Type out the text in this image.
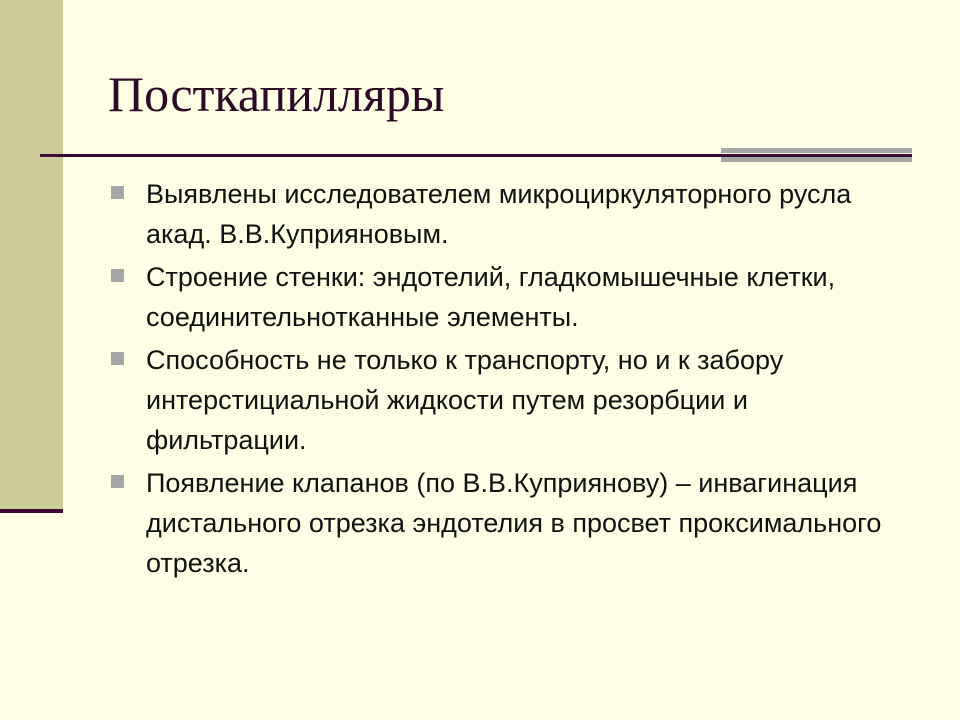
Посткапилляры
Выявлены исследователем микроциркуляторного русла акад. В.В.Куприяновым.
Строение стенки: эндотелий, гладкомышечные клетки, соединительнотканные элементы.
Способность не только к транспорту, но и к забору интерстициальной жидкости путем резорбции и фильтрации.
Появление клапанов (по В.В.Куприянову) – инвагинация дистального отрезка эндотелия в просвет проксимального отрезка.
